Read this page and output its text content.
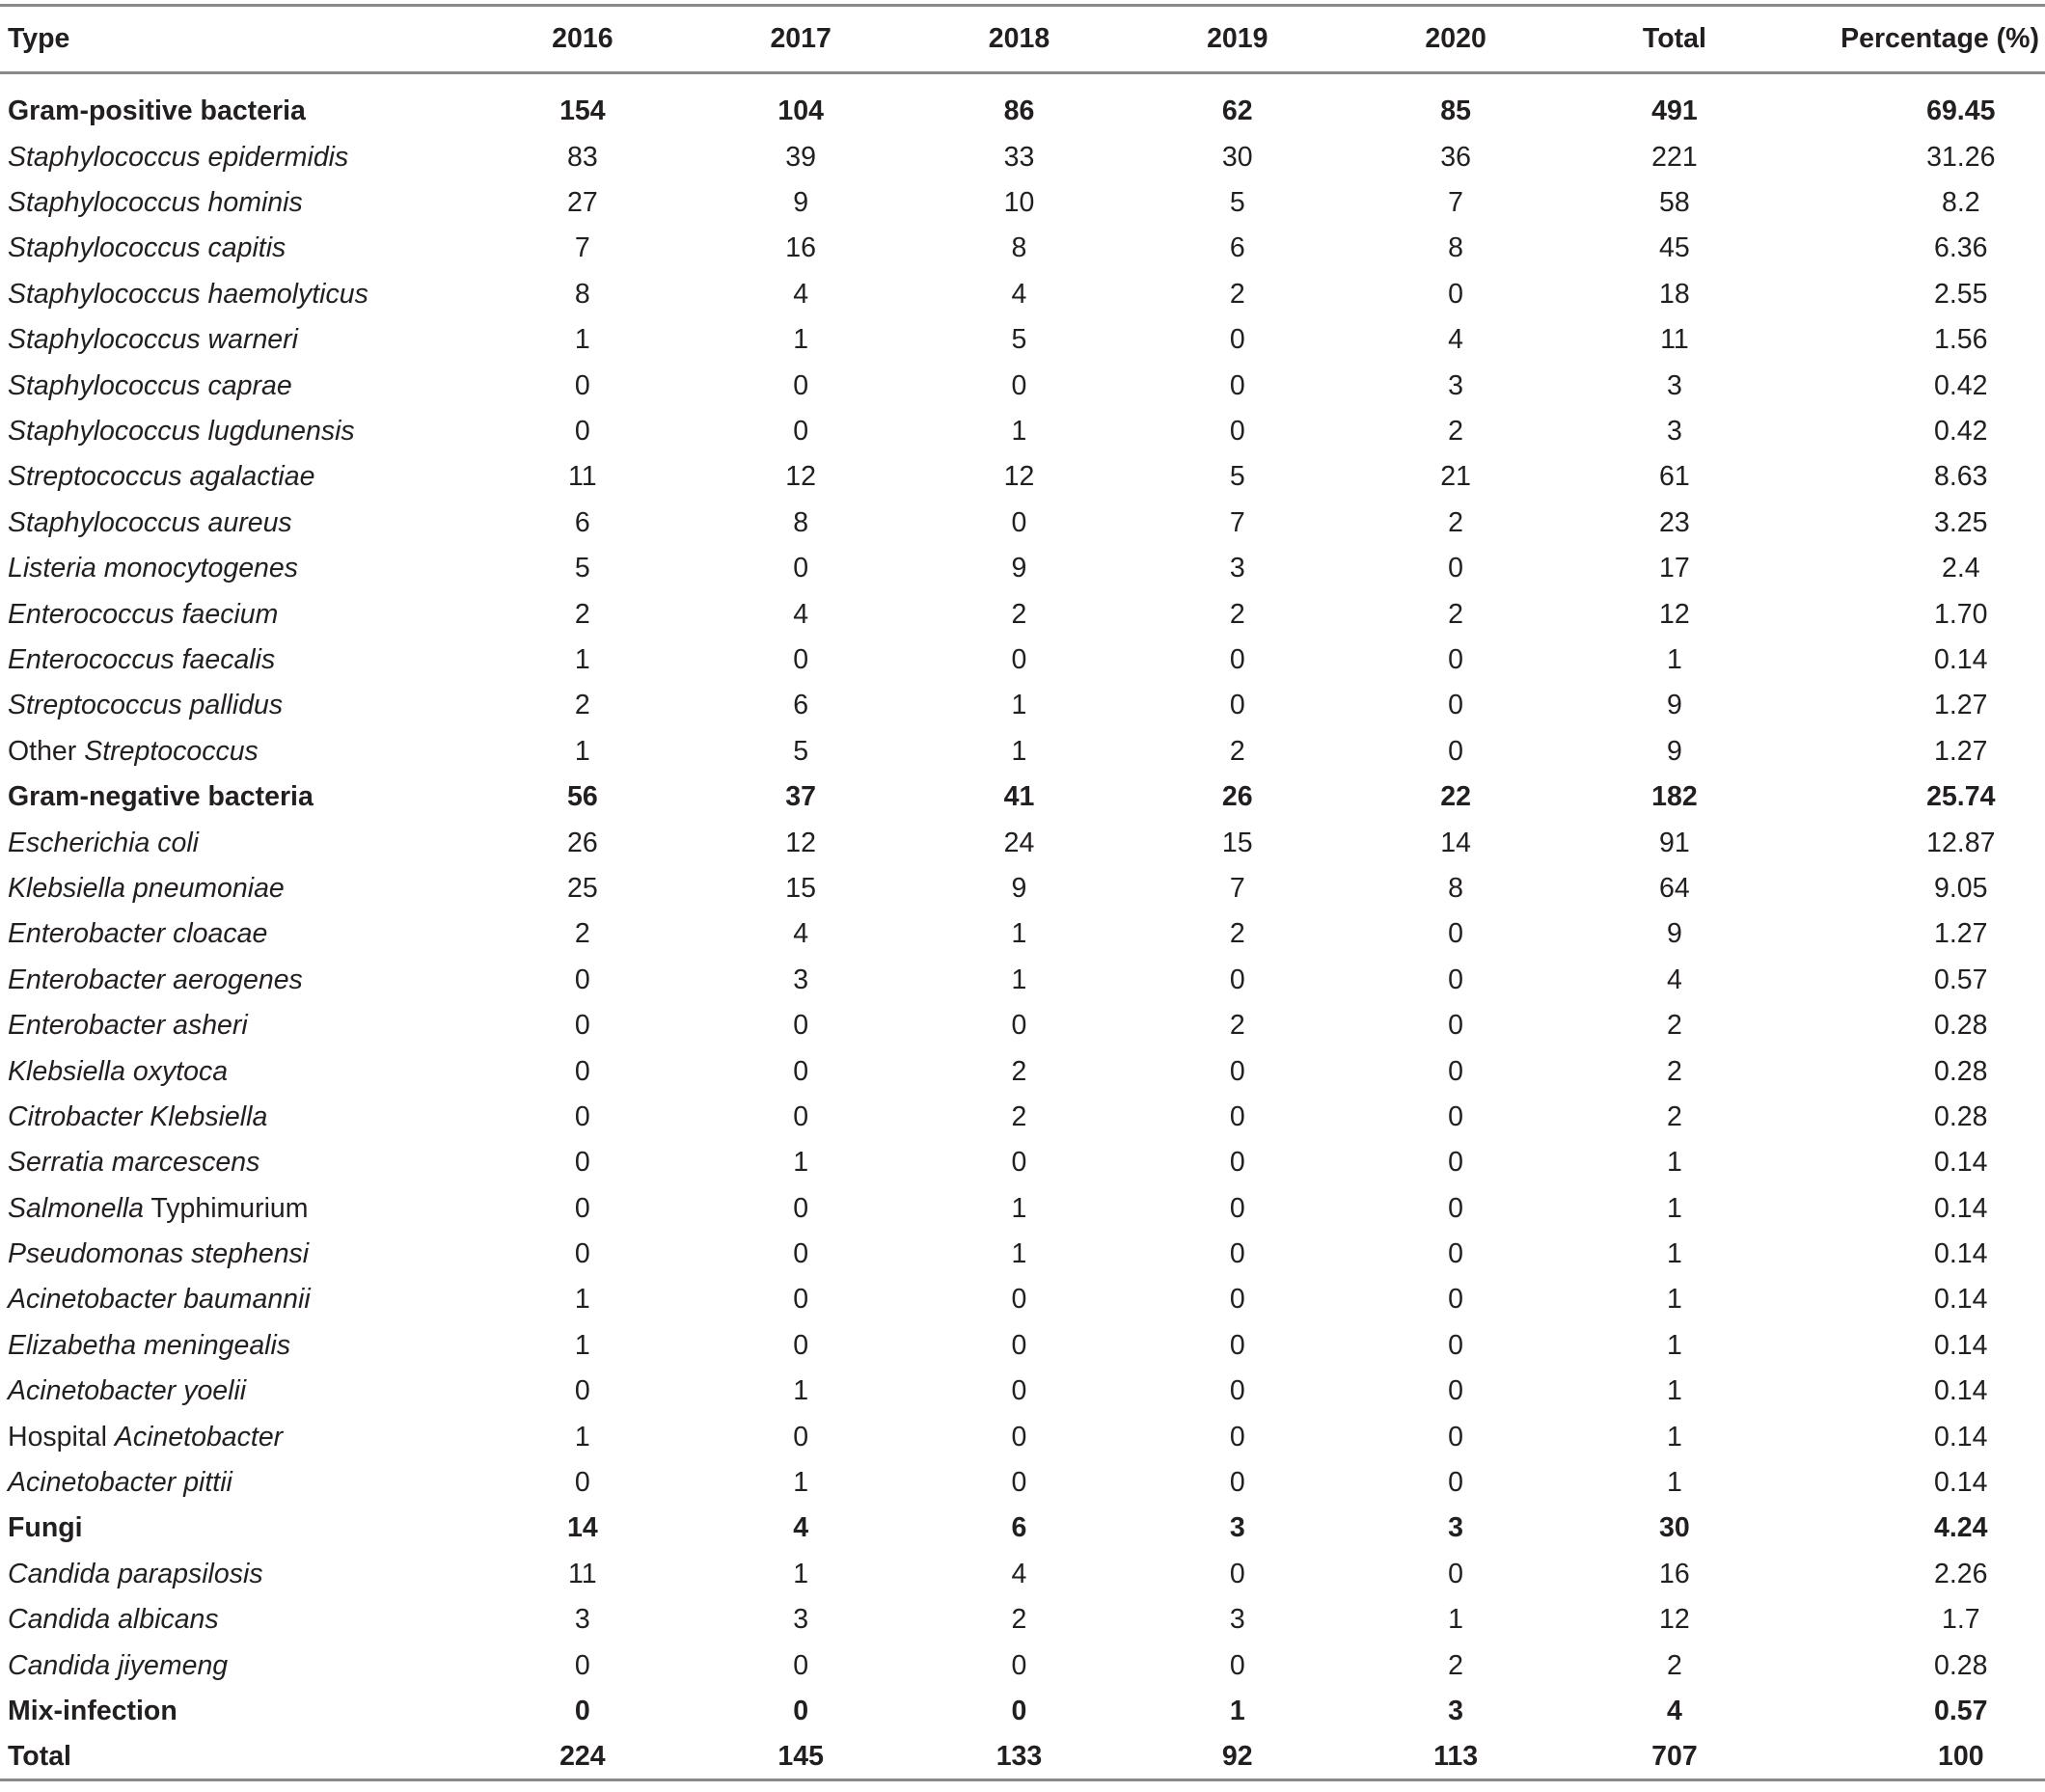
Type	2016	2017	2018	2019	2020	Total	Percentage (%)
Gram-positive bacteria	154	104	86	62	85	491	69.45
Staphylococcus epidermidis	83	39	33	30	36	221	31.26
Staphylococcus hominis	27	9	10	5	7	58	8.2
Staphylococcus capitis	7	16	8	6	8	45	6.36
Staphylococcus haemolyticus	8	4	4	2	0	18	2.55
Staphylococcus warneri	1	1	5	0	4	11	1.56
Staphylococcus caprae	0	0	0	0	3	3	0.42
Staphylococcus lugdunensis	0	0	1	0	2	3	0.42
Streptococcus agalactiae	11	12	12	5	21	61	8.63
Staphylococcus aureus	6	8	0	7	2	23	3.25
Listeria monocytogenes	5	0	9	3	0	17	2.4
Enterococcus faecium	2	4	2	2	2	12	1.70
Enterococcus faecalis	1	0	0	0	0	1	0.14
Streptococcus pallidus	2	6	1	0	0	9	1.27
Other Streptococcus	1	5	1	2	0	9	1.27
Gram-negative bacteria	56	37	41	26	22	182	25.74
Escherichia coli	26	12	24	15	14	91	12.87
Klebsiella pneumoniae	25	15	9	7	8	64	9.05
Enterobacter cloacae	2	4	1	2	0	9	1.27
Enterobacter aerogenes	0	3	1	0	0	4	0.57
Enterobacter asheri	0	0	0	2	0	2	0.28
Klebsiella oxytoca	0	0	2	0	0	2	0.28
Citrobacter Klebsiella	0	0	2	0	0	2	0.28
Serratia marcescens	0	1	0	0	0	1	0.14
Salmonella Typhimurium	0	0	1	0	0	1	0.14
Pseudomonas stephensi	0	0	1	0	0	1	0.14
Acinetobacter baumannii	1	0	0	0	0	1	0.14
Elizabetha meningealis	1	0	0	0	0	1	0.14
Acinetobacter yoelii	0	1	0	0	0	1	0.14
Hospital Acinetobacter	1	0	0	0	0	1	0.14
Acinetobacter pittii	0	1	0	0	0	1	0.14
Fungi	14	4	6	3	3	30	4.24
Candida parapsilosis	11	1	4	0	0	16	2.26
Candida albicans	3	3	2	3	1	12	1.7
Candida jiyemeng	0	0	0	0	2	2	0.28
Mix-infection	0	0	0	1	3	4	0.57
Total	224	145	133	92	113	707	100
